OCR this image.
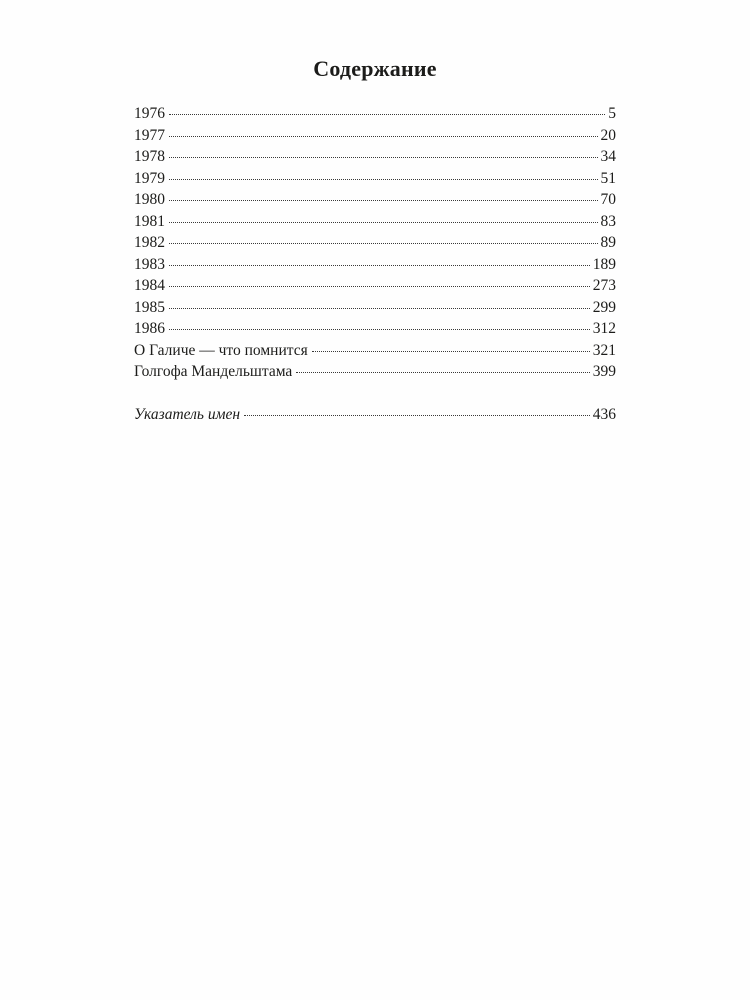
Содержание
1976	5
1977	20
1978	34
1979	51
1980	70
1981	83
1982	89
1983	189
1984	273
1985	299
1986	312
О Галиче — что помнится	321
Голгофа Мандельштама	399
Указатель имен	436
